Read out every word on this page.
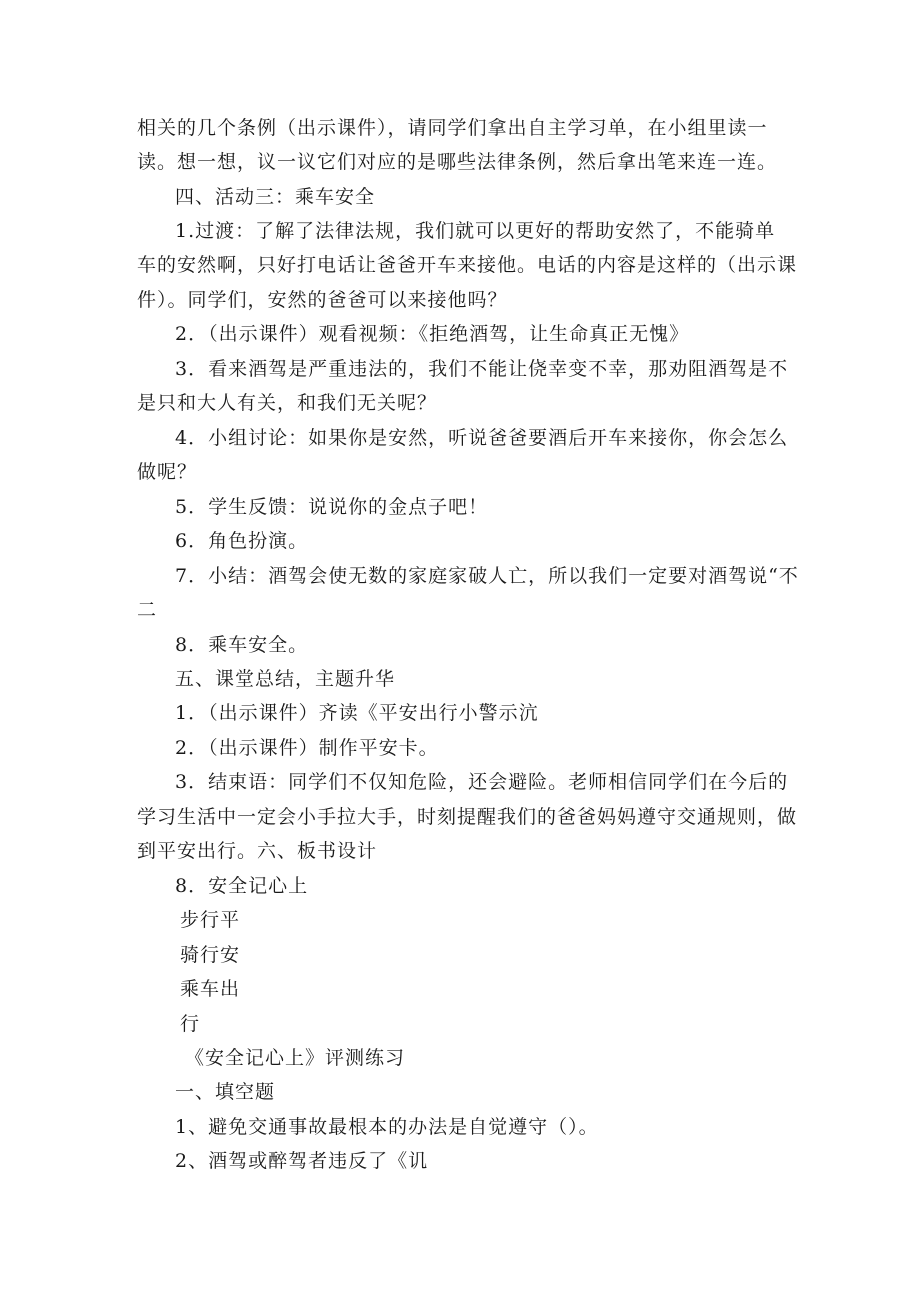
相关的几个条例（出示课件），请同学们拿出自主学习单，在小组里读一
读。想一想，议一议它们对应的是哪些法律条例，然后拿出笔来连一连。
四、活动三：乘车安全
1.过渡：了解了法律法规，我们就可以更好的帮助安然了，不能骑单
车的安然啊，只好打电话让爸爸开车来接他。电话的内容是这样的（出示课
件）。同学们，安然的爸爸可以来接他吗？
2．（出示课件）观看视频：《拒绝酒驾，让生命真正无愧》
3．看来酒驾是严重违法的，我们不能让侥幸变不幸，那劝阻酒驾是不
是只和大人有关，和我们无关呢？
4．小组讨论：如果你是安然，听说爸爸要酒后开车来接你，你会怎么
做呢？
5．学生反馈：说说你的金点子吧！
6．角色扮演。
7．小结：酒驾会使无数的家庭家破人亡，所以我们一定要对酒驾说“不
二
8．乘车安全。
五、课堂总结，主题升华
1．（出示课件）齐读《平安出行小警示沆
2．（出示课件）制作平安卡。
3．结束语：同学们不仅知危险，还会避险。老师相信同学们在今后的
学习生活中一定会小手拉大手，时刻提醒我们的爸爸妈妈遵守交通规则，做
到平安出行。六、板书设计
8．安全记心上
步行平
骑行安
乘车出
行
《安全记心上》评测练习
一、填空题
1、避免交通事故最根本的办法是自觉遵守（）。
2、酒驾或醉驾者违反了《讥
